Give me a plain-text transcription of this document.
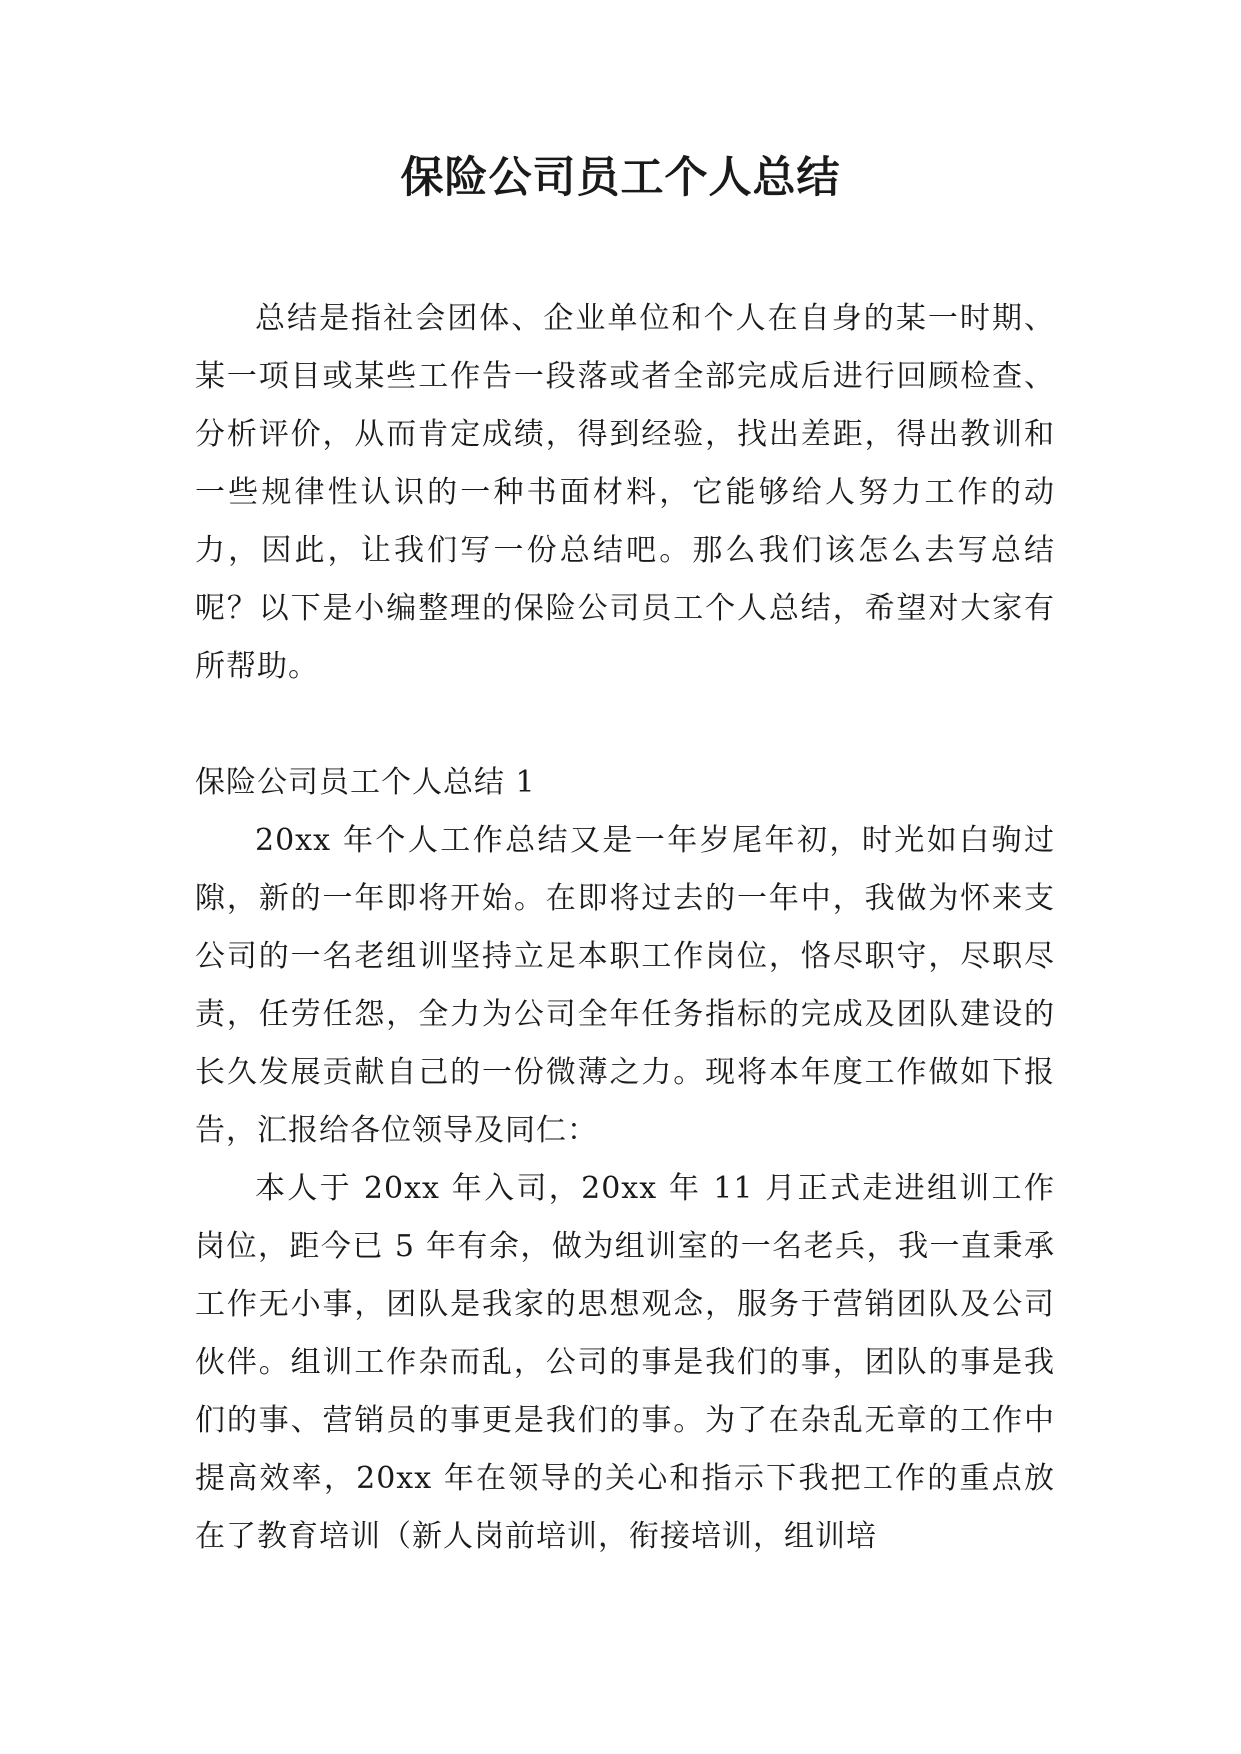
保险公司员工个人总结

总结是指社会团体、企业单位和个人在自身的某一时期、某一项目或某些工作告一段落或者全部完成后进行回顾检查、分析评价，从而肯定成绩，得到经验，找出差距，得出教训和一些规律性认识的一种书面材料，它能够给人努力工作的动力，因此，让我们写一份总结吧。那么我们该怎么去写总结呢？以下是小编整理的保险公司员工个人总结，希望对大家有所帮助。

保险公司员工个人总结 1

20xx 年个人工作总结又是一年岁尾年初，时光如白驹过隙，新的一年即将开始。在即将过去的一年中，我做为怀来支公司的一名老组训坚持立足本职工作岗位，恪尽职守，尽职尽责，任劳任怨，全力为公司全年任务指标的完成及团队建设的长久发展贡献自己的一份微薄之力。现将本年度工作做如下报告，汇报给各位领导及同仁：

本人于 20xx 年入司，20xx 年 11 月正式走进组训工作岗位，距今已 5 年有余，做为组训室的一名老兵，我一直秉承工作无小事，团队是我家的思想观念，服务于营销团队及公司伙伴。组训工作杂而乱，公司的事是我们的事，团队的事是我们的事、营销员的事更是我们的事。为了在杂乱无章的工作中提高效率，20xx 年在领导的关心和指示下我把工作的重点放在了教育培训（新人岗前培训，衔接培训，组训培
